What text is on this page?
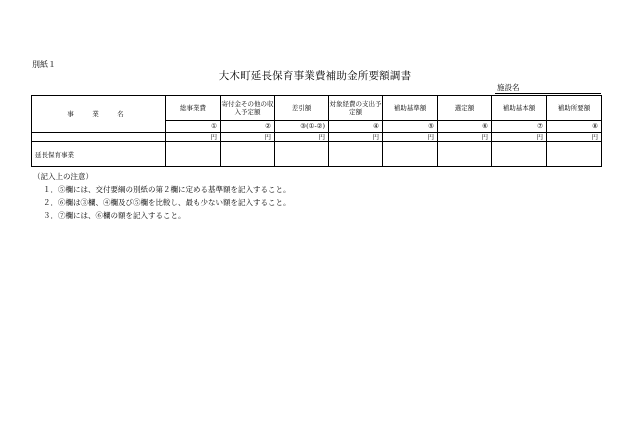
別紙１
大木町延長保育事業費補助金所要額調書
施設名
事　業　名	総事業費	寄付金その他の収入予定額	差引額	対象経費の支出予定額	補助基準額	選定額	補助基本額	補助所要額
	①	②	③(①-②)	④	⑤	⑥	⑦	⑧
	円	円	円	円	円	円	円	円
延長保育事業								
（記入上の注意）
１．⑤欄には、交付要綱の別紙の第２欄に定める基準額を記入すること。
２．⑥欄は③欄、④欄及び⑤欄を比較し、最も少ない額を記入すること。
３．⑦欄には、⑥欄の額を記入すること。
